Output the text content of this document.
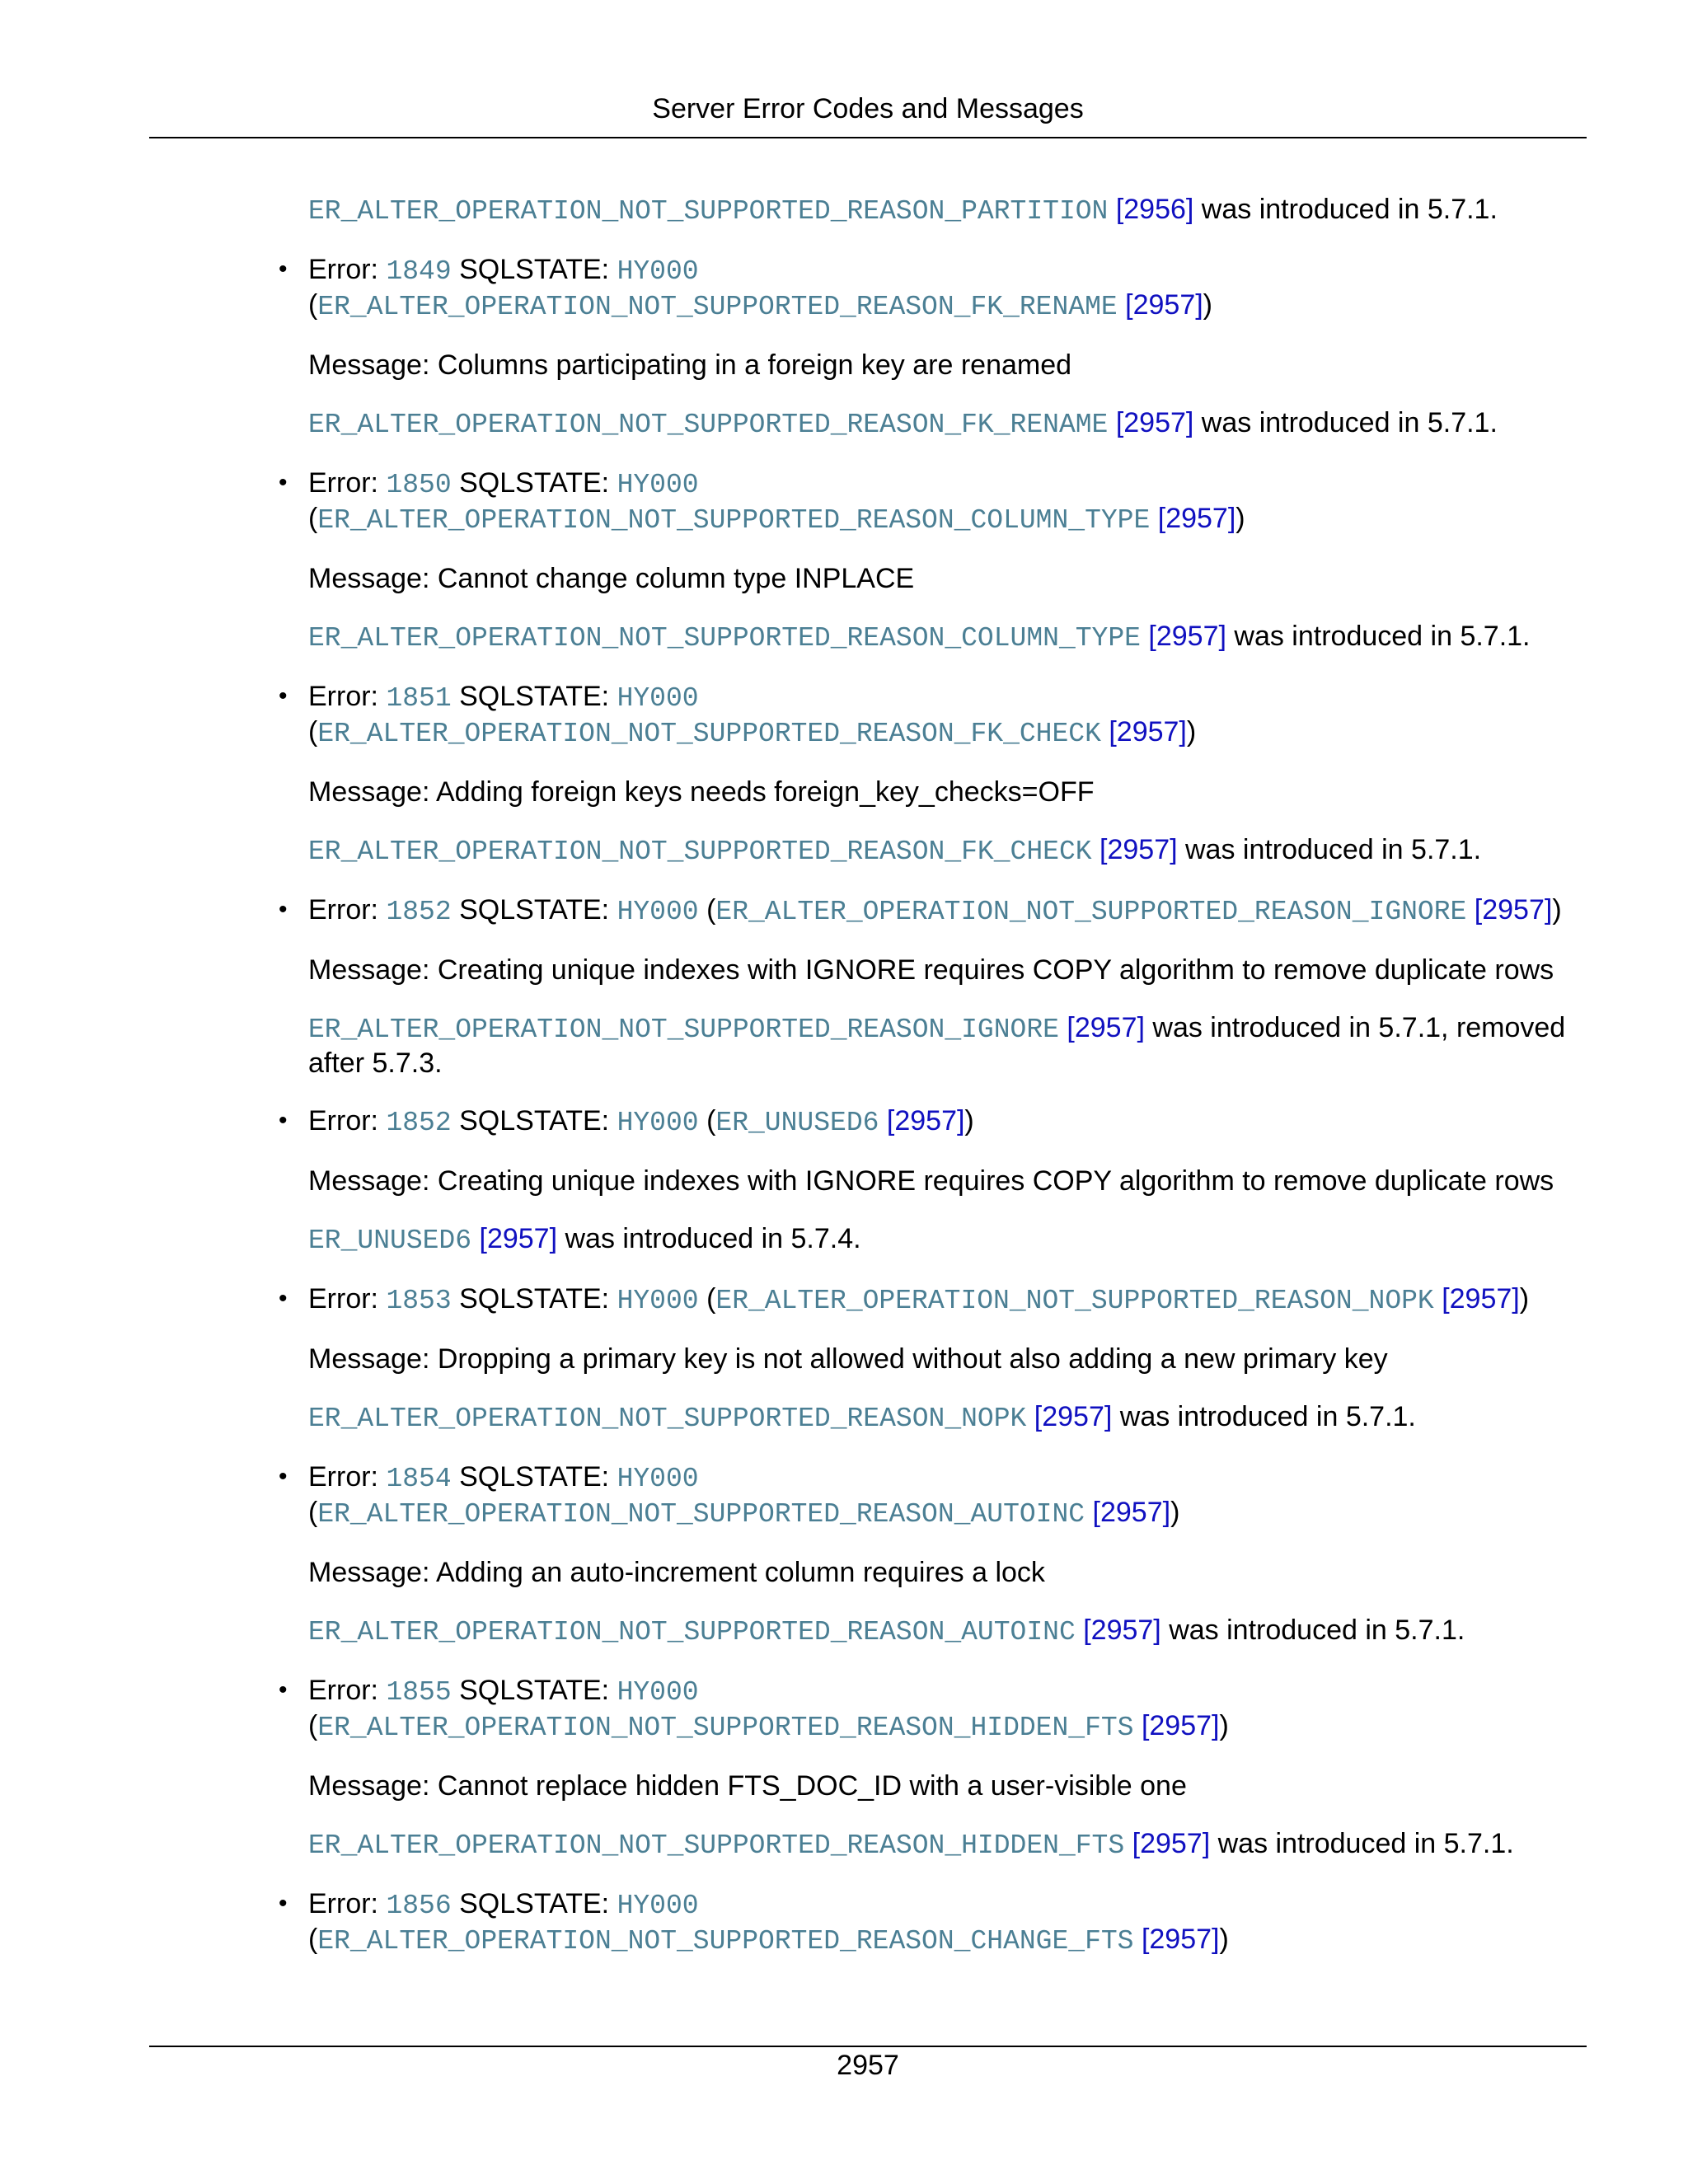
Server Error Codes and Messages

ER_ALTER_OPERATION_NOT_SUPPORTED_REASON_PARTITION [2956] was introduced in 5.7.1.

• Error: 1849 SQLSTATE: HY000

(ER_ALTER_OPERATION_NOT_SUPPORTED_REASON_FK_RENAME [2957])

Message: Columns participating in a foreign key are renamed

ER_ALTER_OPERATION_NOT_SUPPORTED_REASON_FK_RENAME [2957] was introduced in 5.7.1.

• Error: 1850 SQLSTATE: HY000

(ER_ALTER_OPERATION_NOT_SUPPORTED_REASON_COLUMN_TYPE [2957])

Message: Cannot change column type INPLACE

ER_ALTER_OPERATION_NOT_SUPPORTED_REASON_COLUMN_TYPE [2957] was introduced in 5.7.1.

• Error: 1851 SQLSTATE: HY000

(ER_ALTER_OPERATION_NOT_SUPPORTED_REASON_FK_CHECK [2957])

Message: Adding foreign keys needs foreign_key_checks=OFF

ER_ALTER_OPERATION_NOT_SUPPORTED_REASON_FK_CHECK [2957] was introduced in 5.7.1.

• Error: 1852 SQLSTATE: HY000 (ER_ALTER_OPERATION_NOT_SUPPORTED_REASON_IGNORE [2957])

Message: Creating unique indexes with IGNORE requires COPY algorithm to remove duplicate rows

ER_ALTER_OPERATION_NOT_SUPPORTED_REASON_IGNORE [2957] was introduced in 5.7.1, removed after 5.7.3.

• Error: 1852 SQLSTATE: HY000 (ER_UNUSED6 [2957])

Message: Creating unique indexes with IGNORE requires COPY algorithm to remove duplicate rows

ER_UNUSED6 [2957] was introduced in 5.7.4.

• Error: 1853 SQLSTATE: HY000 (ER_ALTER_OPERATION_NOT_SUPPORTED_REASON_NOPK [2957])

Message: Dropping a primary key is not allowed without also adding a new primary key

ER_ALTER_OPERATION_NOT_SUPPORTED_REASON_NOPK [2957] was introduced in 5.7.1.

• Error: 1854 SQLSTATE: HY000

(ER_ALTER_OPERATION_NOT_SUPPORTED_REASON_AUTOINC [2957])

Message: Adding an auto-increment column requires a lock

ER_ALTER_OPERATION_NOT_SUPPORTED_REASON_AUTOINC [2957] was introduced in 5.7.1.

• Error: 1855 SQLSTATE: HY000

(ER_ALTER_OPERATION_NOT_SUPPORTED_REASON_HIDDEN_FTS [2957])

Message: Cannot replace hidden FTS_DOC_ID with a user-visible one

ER_ALTER_OPERATION_NOT_SUPPORTED_REASON_HIDDEN_FTS [2957] was introduced in 5.7.1.

• Error: 1856 SQLSTATE: HY000

(ER_ALTER_OPERATION_NOT_SUPPORTED_REASON_CHANGE_FTS [2957])

2957
